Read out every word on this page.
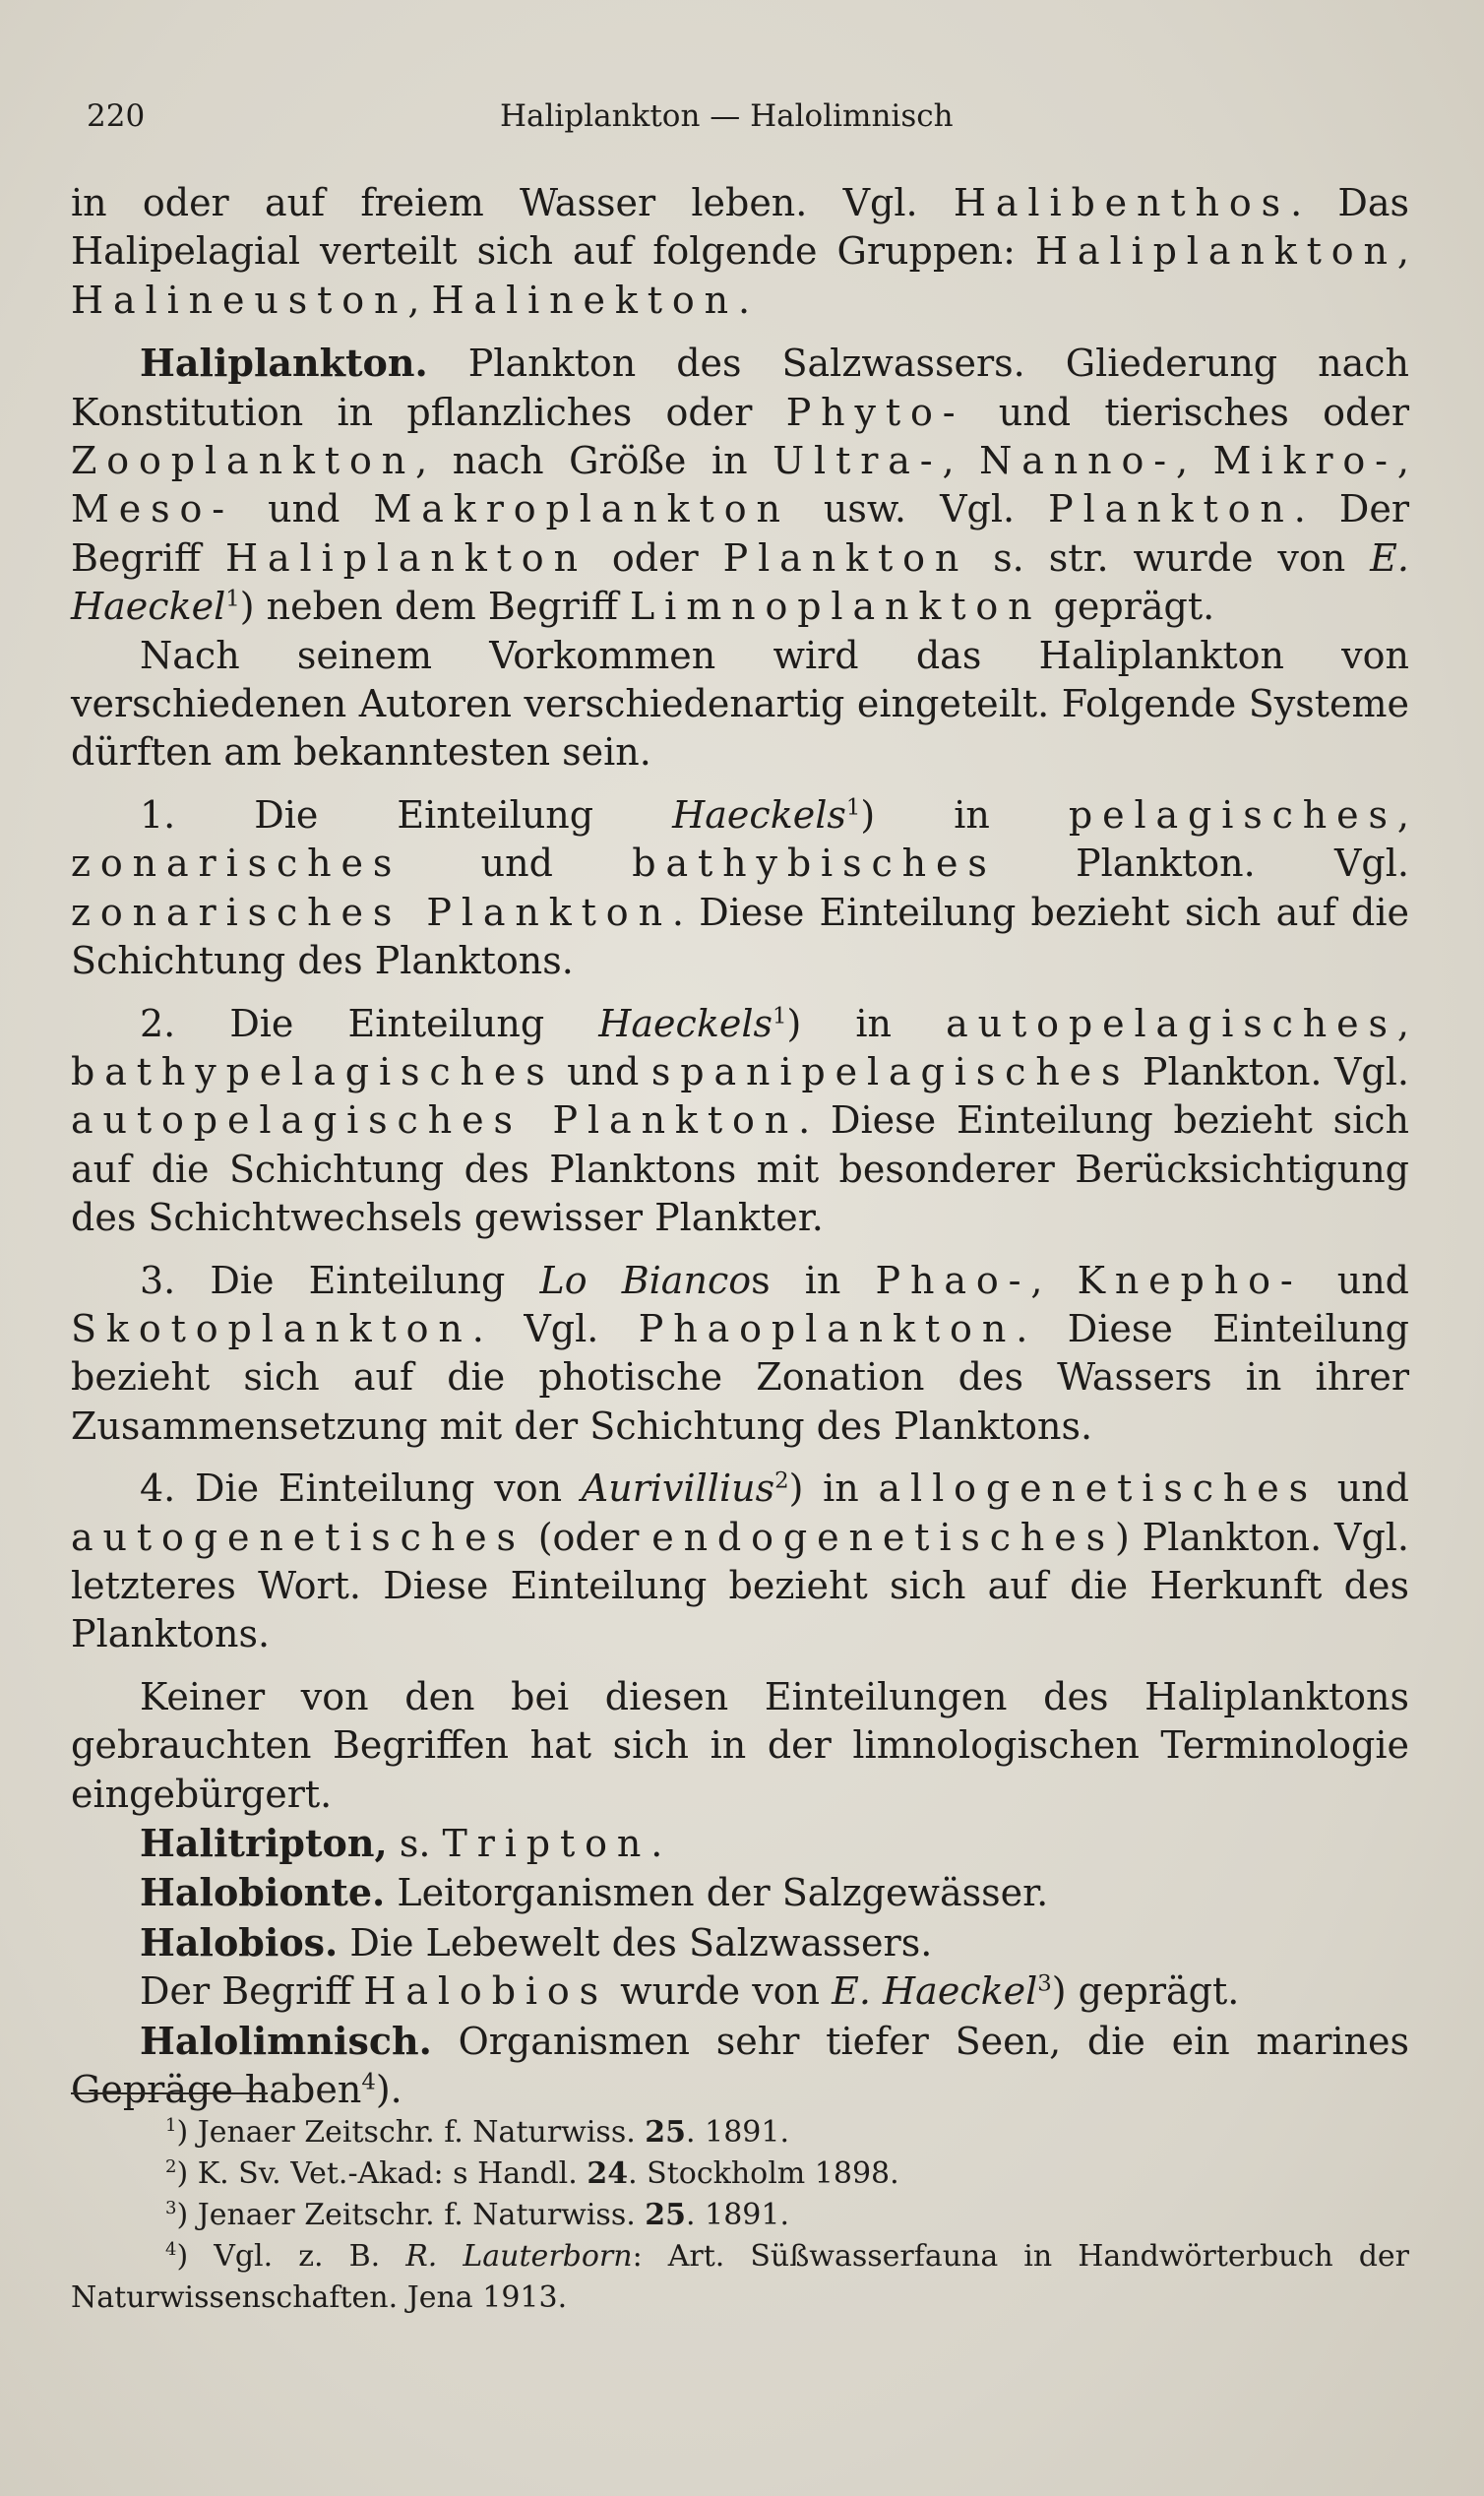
220	Haliplankton — Halolimnisch

in oder auf freiem Wasser leben. Vgl. Halibenthos. Das Halipelagial verteilt sich auf folgende Gruppen: Haliplankton, Halineuston, Halinekton.

Haliplankton. Plankton des Salzwassers. Gliederung nach Konstitution in pflanzliches oder Phyto- und tierisches oder Zooplankton, nach Größe in Ultra-, Nanno-, Mikro-, Meso- und Makroplankton usw. Vgl. Plankton. Der Begriff Haliplankton oder Plankton s. str. wurde von E. Haeckel$^1$) neben dem Begriff Limnoplankton geprägt.

Nach seinem Vorkommen wird das Haliplankton von verschiedenen Autoren verschiedenartig eingeteilt. Folgende Systeme dürften am bekanntesten sein.

1. Die Einteilung Haeckels$^1$) in pelagisches, zonarisches und bathybisches Plankton. Vgl. zonarisches Plankton. Diese Einteilung bezieht sich auf die Schichtung des Planktons.

2. Die Einteilung Haeckels$^1$) in autopelagisches, bathypelagisches und spanipelagisches Plankton. Vgl. autopelagisches Plankton. Diese Einteilung bezieht sich auf die Schichtung des Planktons mit besonderer Berücksichtigung des Schichtwechsels gewisser Plankter.

3. Die Einteilung Lo Biancos in Phao-, Knepho- und Skotoplankton. Vgl. Phaoplankton. Diese Einteilung bezieht sich auf die photische Zonation des Wassers in ihrer Zusammensetzung mit der Schichtung des Planktons.

4. Die Einteilung von Aurivillius$^2$) in allogenetisches und autogenetisches (oder endogenetisches) Plankton. Vgl. letzteres Wort. Diese Einteilung bezieht sich auf die Herkunft des Planktons.

Keiner von den bei diesen Einteilungen des Haliplanktons gebrauchten Begriffen hat sich in der limnologischen Terminologie eingebürgert.

Halitripton, s. Tripton.

Halobionte. Leitorganismen der Salzgewässer.

Halobios. Die Lebewelt des Salzwassers.

Der Begriff Halobios wurde von E. Haeckel$^3$) geprägt.

Halolimnisch. Organismen sehr tiefer Seen, die ein marines Gepräge haben$^4$).

$^1$) Jenaer Zeitschr. f. Naturwiss. 25. 1891.

$^2$) K. Sv. Vet.-Akad: s Handl. 24. Stockholm 1898.

$^3$) Jenaer Zeitschr. f. Naturwiss. 25. 1891.

$^4$) Vgl. z. B. R. Lauterborn: Art. Süßwasserfauna in Handwörterbuch der Naturwissenschaften. Jena 1913.
